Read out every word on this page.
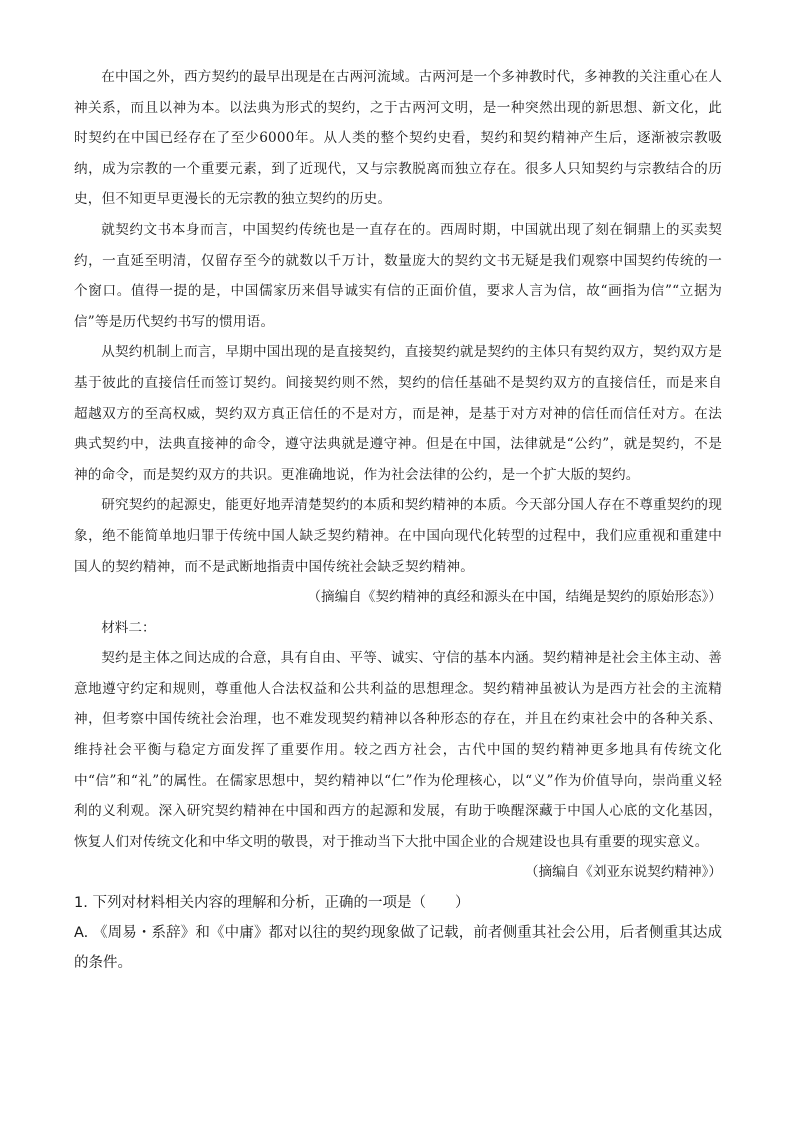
在中国之外，西方契约的最早出现是在古两河流域。古两河是一个多神教时代，多神教的关注重心在人神关系，而且以神为本。以法典为形式的契约，之于古两河文明，是一种突然出现的新思想、新文化，此时契约在中国已经存在了至少6000年。从人类的整个契约史看，契约和契约精神产生后，逐渐被宗教吸纳，成为宗教的一个重要元素，到了近现代，又与宗教脱离而独立存在。很多人只知契约与宗教结合的历史，但不知更早更漫长的无宗教的独立契约的历史。

就契约文书本身而言，中国契约传统也是一直存在的。西周时期，中国就出现了刻在铜鼎上的买卖契约，一直延至明清，仅留存至今的就数以千万计，数量庞大的契约文书无疑是我们观察中国契约传统的一个窗口。值得一提的是，中国儒家历来倡导诚实有信的正面价值，要求人言为信，故“画指为信”“立据为信”等是历代契约书写的惯用语。

从契约机制上而言，早期中国出现的是直接契约，直接契约就是契约的主体只有契约双方，契约双方是基于彼此的直接信任而签订契约。间接契约则不然，契约的信任基础不是契约双方的直接信任，而是来自超越双方的至高权威，契约双方真正信任的不是对方，而是神，是基于对方对神的信任而信任对方。在法典式契约中，法典直接神的命令，遵守法典就是遵守神。但是在中国，法律就是“公约”，就是契约，不是神的命令，而是契约双方的共识。更准确地说，作为社会法律的公约，是一个扩大版的契约。

研究契约的起源史，能更好地弄清楚契约的本质和契约精神的本质。今天部分国人存在不尊重契约的现象，绝不能简单地归罪于传统中国人缺乏契约精神。在中国向现代化转型的过程中，我们应重视和重建中国人的契约精神，而不是武断地指责中国传统社会缺乏契约精神。

（摘编自《契约精神的真经和源头在中国，结绳是契约的原始形态》）

材料二：

契约是主体之间达成的合意，具有自由、平等、诚实、守信的基本内涵。契约精神是社会主体主动、善意地遵守约定和规则，尊重他人合法权益和公共利益的思想理念。契约精神虽被认为是西方社会的主流精神，但考察中国传统社会治理，也不难发现契约精神以各种形态的存在，并且在约束社会中的各种关系、维持社会平衡与稳定方面发挥了重要作用。较之西方社会，古代中国的契约精神更多地具有传统文化中“信”和“礼”的属性。在儒家思想中，契约精神以“仁”作为伦理核心，以“义”作为价值导向，崇尚重义轻利的义利观。深入研究契约精神在中国和西方的起源和发展，有助于唤醒深藏于中国人心底的文化基因，恢复人们对传统文化和中华文明的敬畏，对于推动当下大批中国企业的合规建设也具有重要的现实意义。

（摘编自《刘亚东说契约精神》）

1. 下列对材料相关内容的理解和分析，正确的一项是（　　）

A. 《周易・系辞》和《中庸》都对以往的契约现象做了记载，前者侧重其社会公用，后者侧重其达成的条件。
